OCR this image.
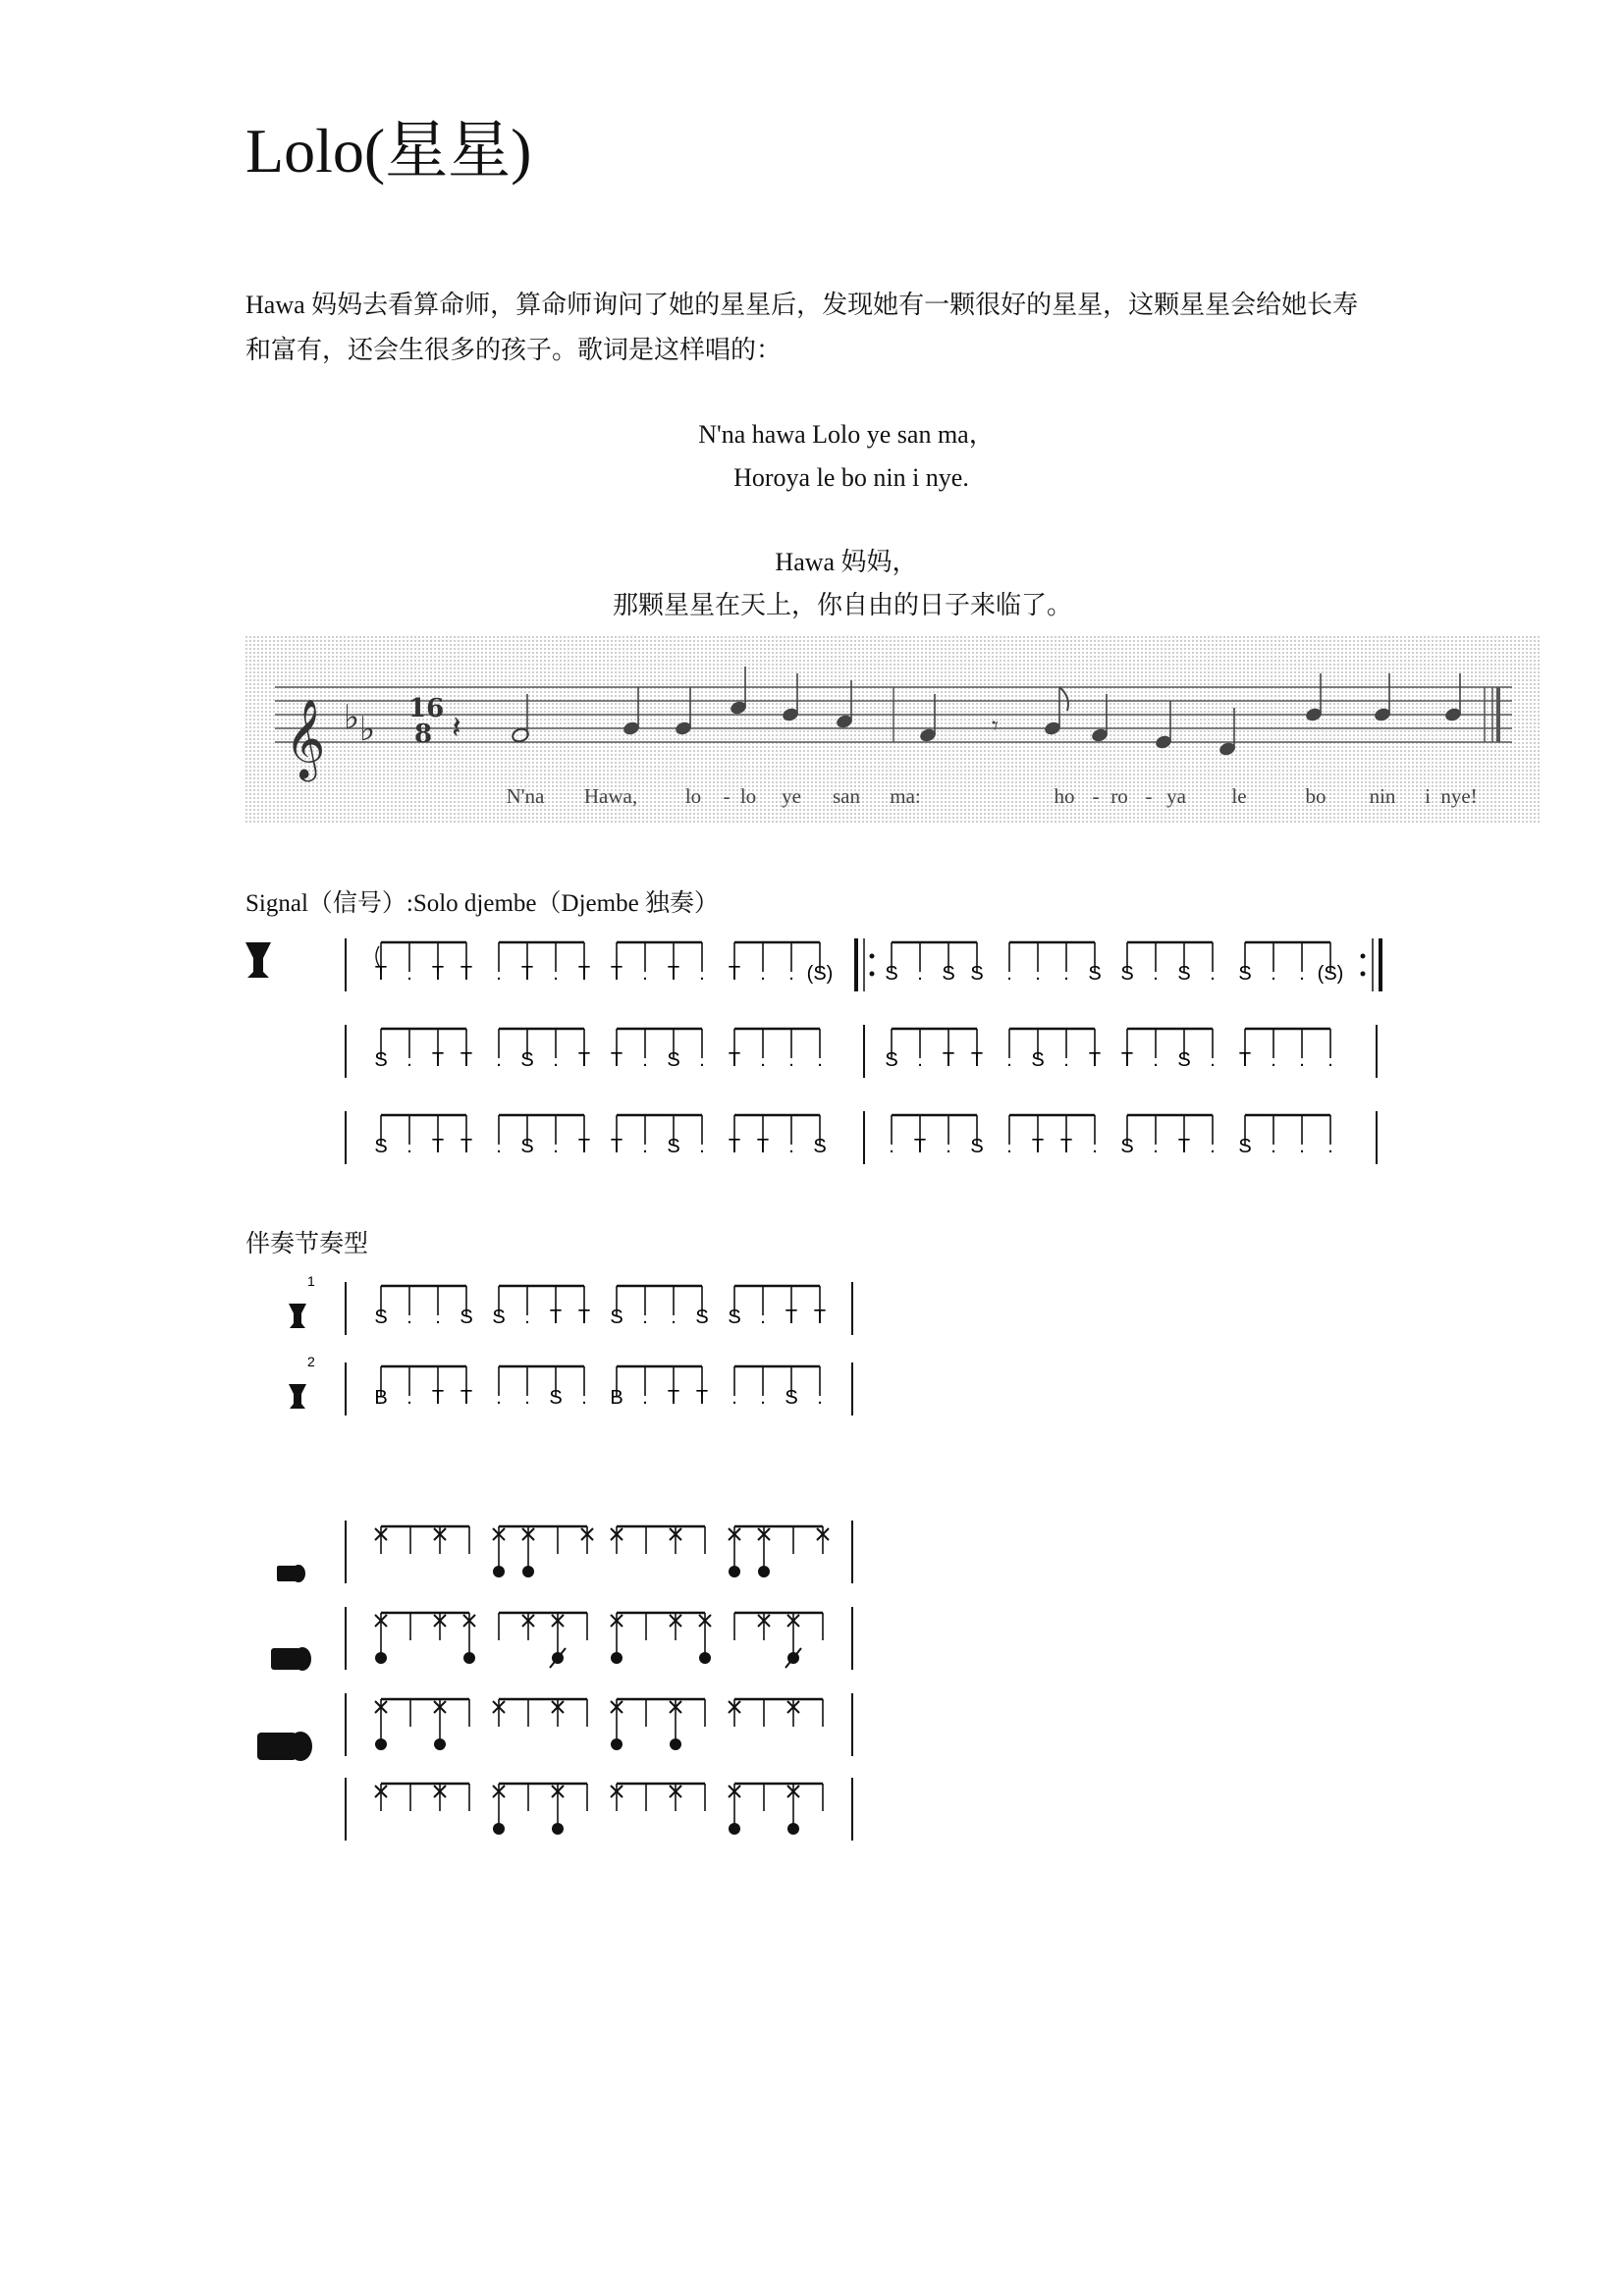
Lolo(星星)
Hawa 妈妈去看算命师，算命师询问了她的星星后，发现她有一颗很好的星星，这颗星星会给她长寿
和富有，还会生很多的孩子。歌词是这样唱的：
N'na hawa Lolo ye san ma，
Horoya le bo nin i nye.
Hawa 妈妈，
那颗星星在天上，你自由的日子来临了。
𝄞 ♭ ♭
16
8 𝄽	𝄾
N'na Hawa, lo - lo ye san ma:	ho - ro - ya le	bo nin i nye!
Signal（信号）:Solo djembe（Djembe 独奏）
T . T T . T . T T . T . T . . (S)	S . S S . . . S S . S . S . . (S)
S . T T . S . T T . S . T . . .	S . T T . S . T T . S . T . . .
S . T T . S . T T . S . T T . S	. T . S . T T . S . T . S . . .
伴奏节奏型
1
2
S . . S S . T T S . . S S . T T
B . T T . . S . B . T T . . S .
